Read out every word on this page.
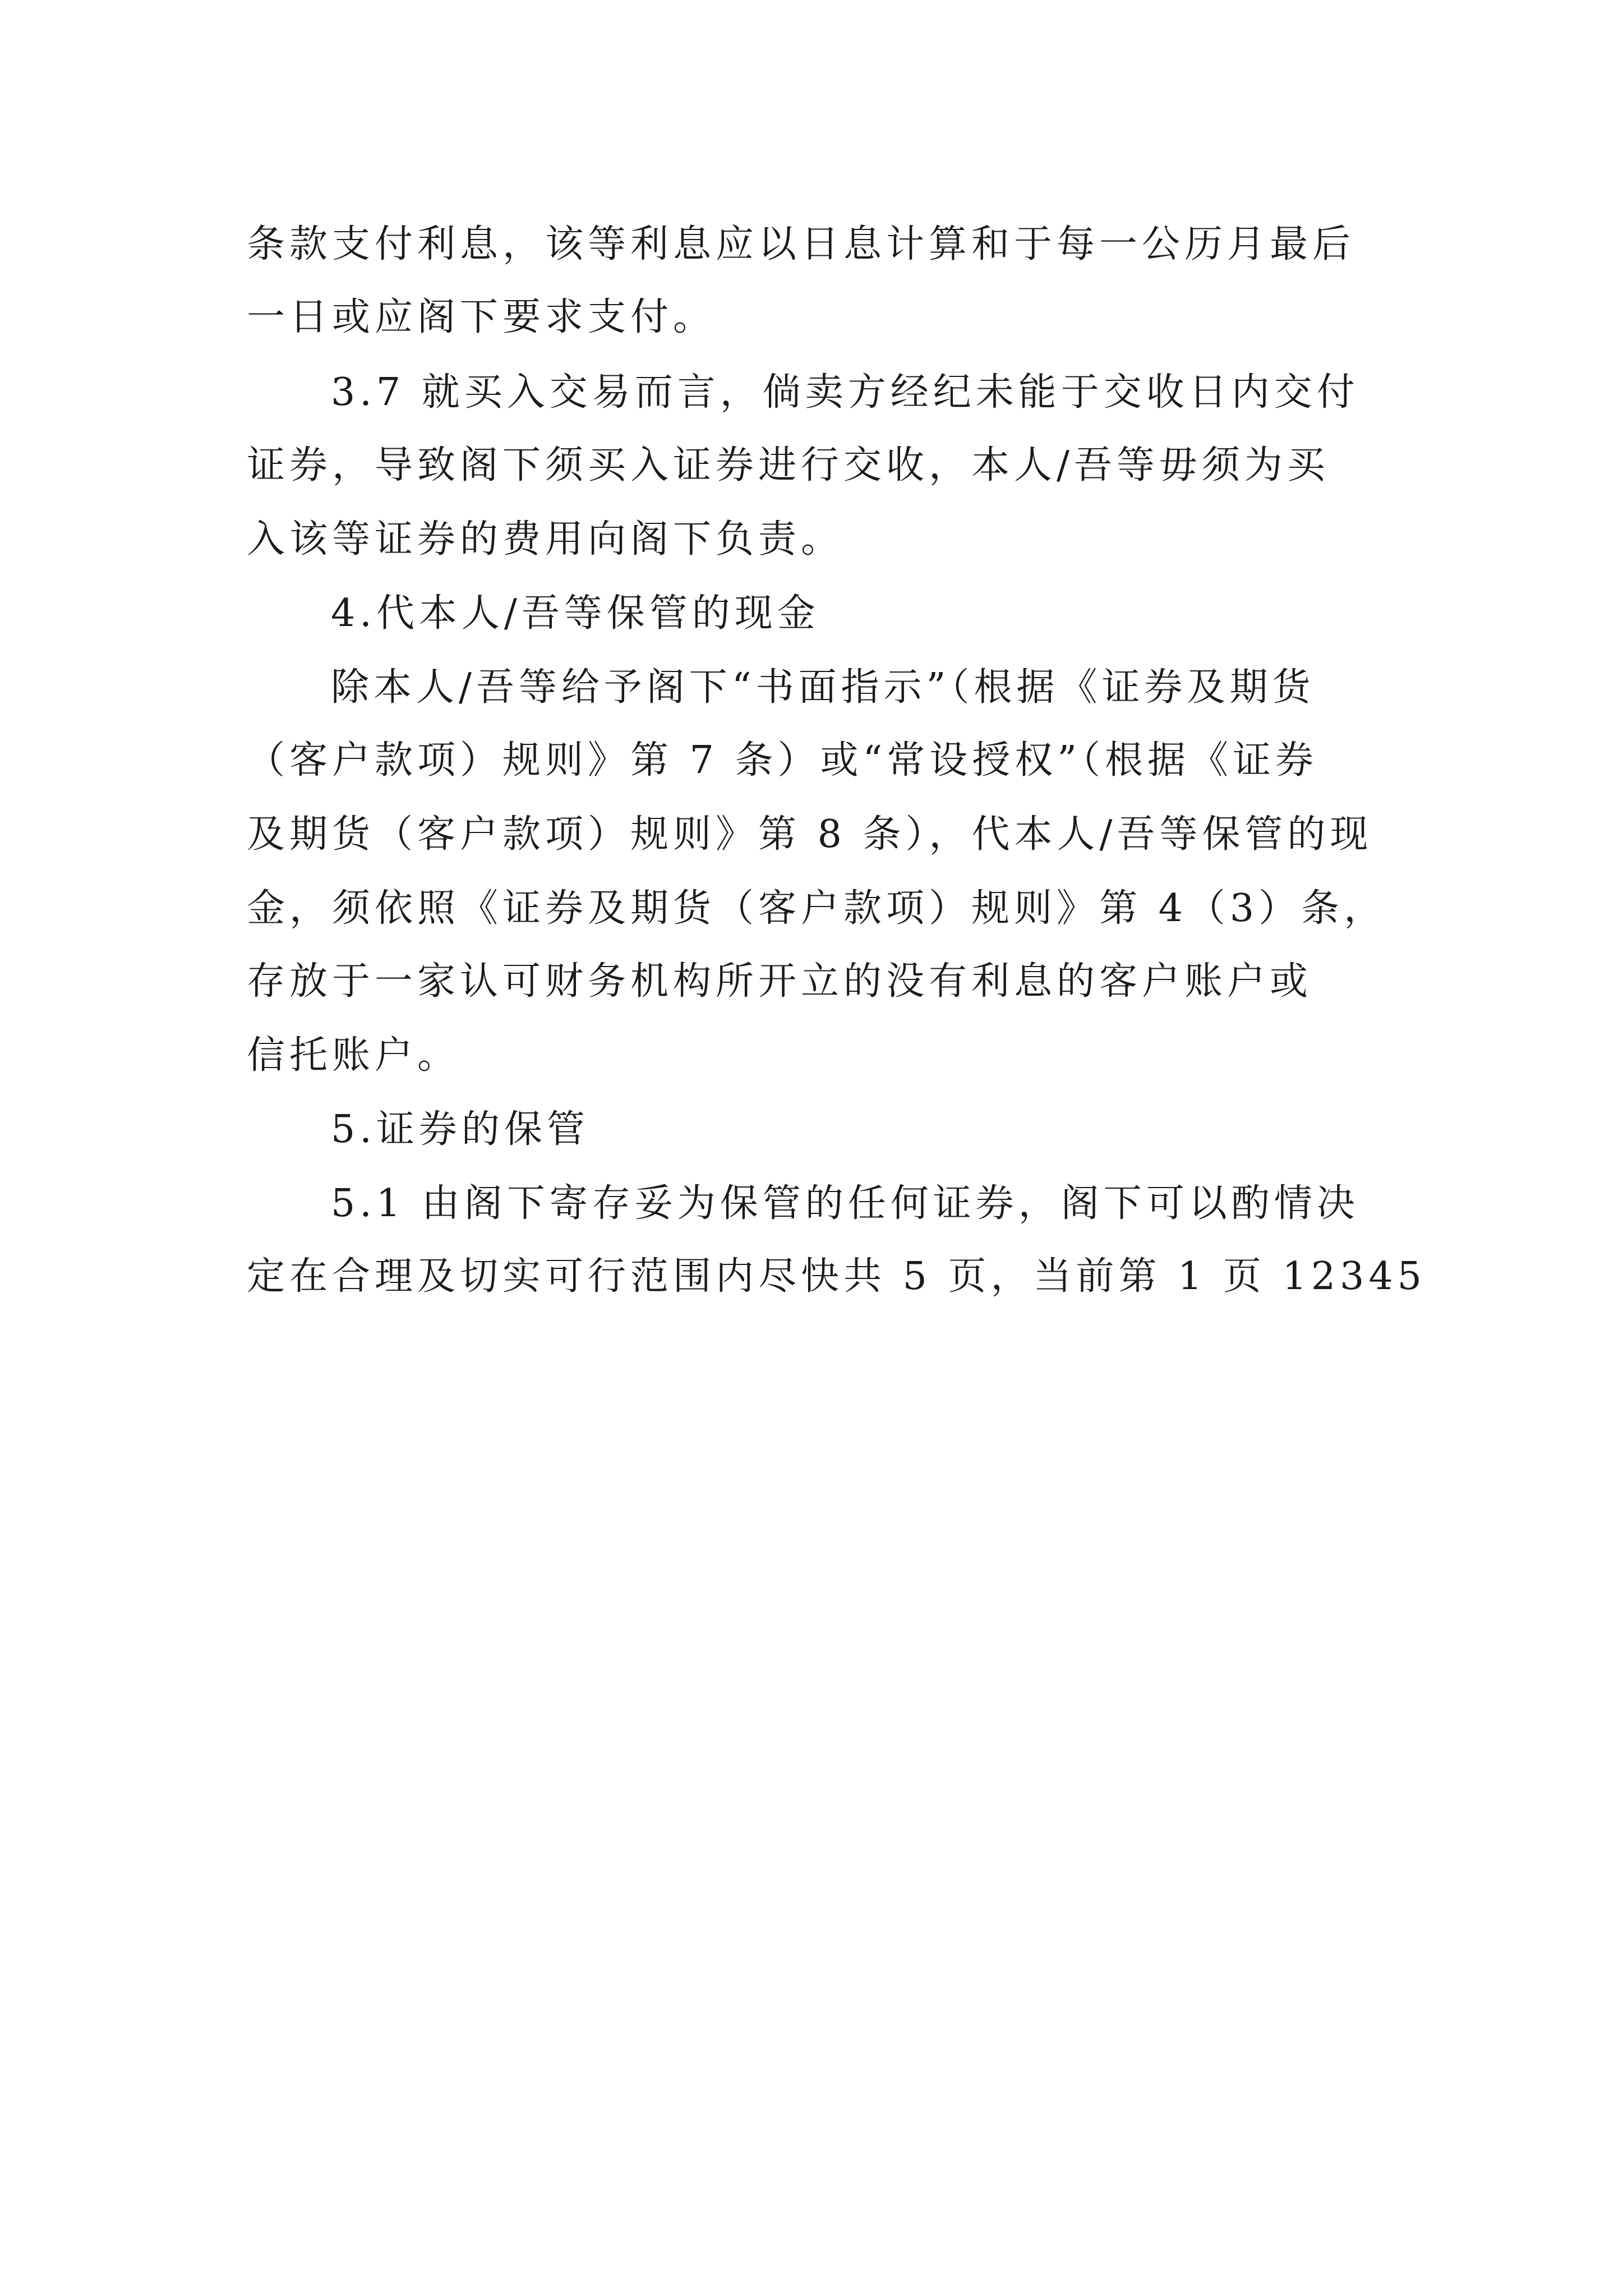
条款支付利息，该等利息应以日息计算和于每一公历月最后
一日或应阁下要求支付。
3.7 就买入交易而言，倘卖方经纪未能于交收日内交付
证券，导致阁下须买入证券进行交收，本人/吾等毋须为买
入该等证券的费用向阁下负责。
4.代本人/吾等保管的现金
除本人/吾等给予阁下“书面指示”（根据《证券及期货
（客户款项）规则》第 7 条）或“常设授权”（根据《证券
及期货（客户款项）规则》第 8 条），代本人/吾等保管的现
金，须依照《证券及期货（客户款项）规则》第 4（3）条，
存放于一家认可财务机构所开立的没有利息的客户账户或
信托账户。
5.证券的保管
5.1 由阁下寄存妥为保管的任何证券，阁下可以酌情决
定在合理及切实可行范围内尽快共 5 页，当前第 1 页 12345
